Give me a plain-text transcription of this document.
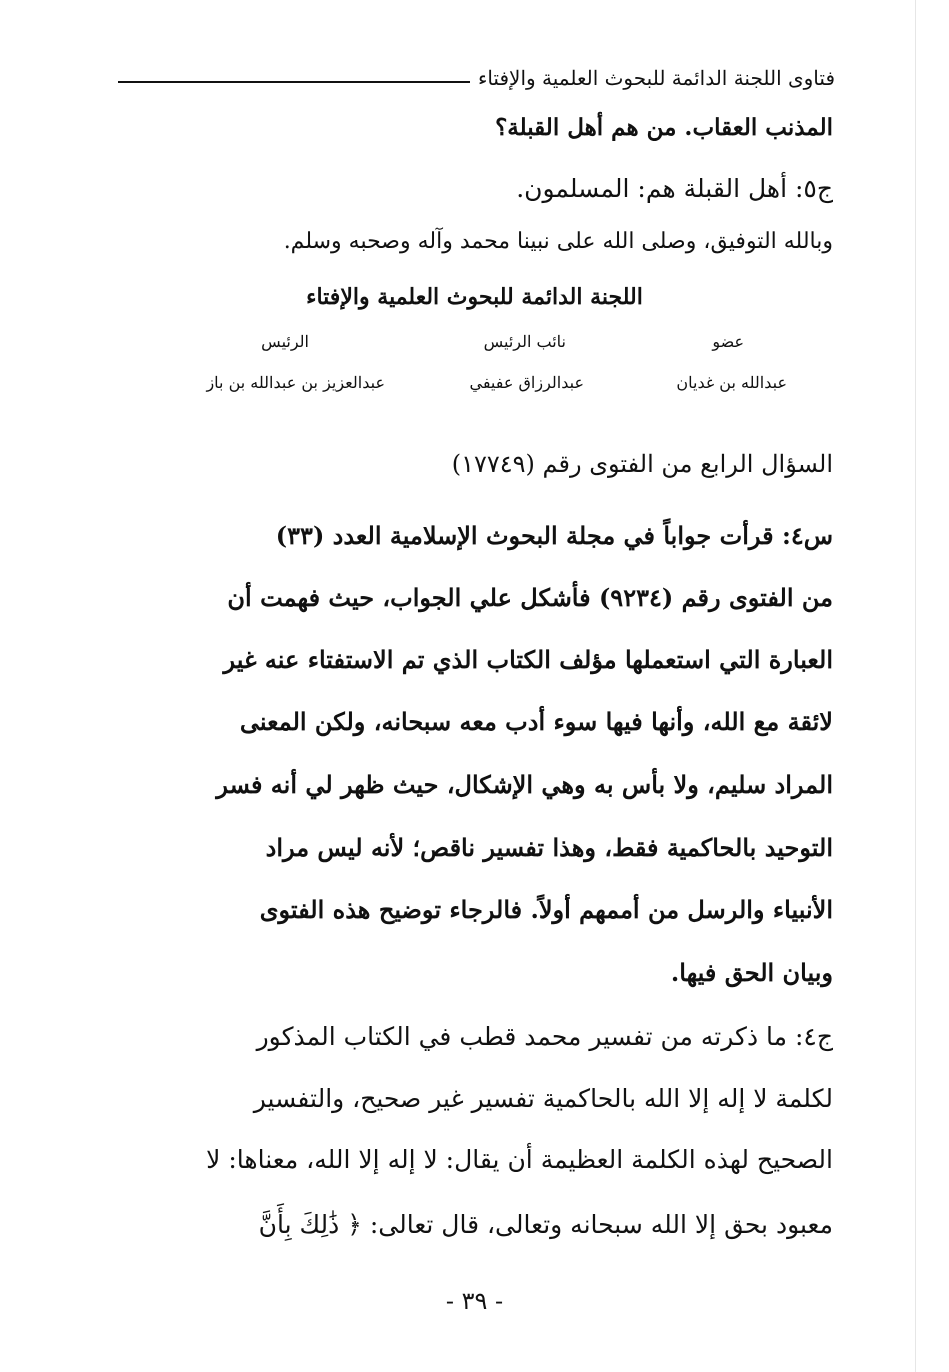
فتاوى اللجنة الدائمة للبحوث العلمية والإفتاء
المذنب العقاب. من هم أهل القبلة؟
ج٥: أهل القبلة هم: المسلمون.
وبالله التوفيق، وصلى الله على نبينا محمد وآله وصحبه وسلم.
اللجنة الدائمة للبحوث العلمية والإفتاء
عضو
نائب الرئيس
الرئيس
عبدالله بن غديان
عبدالرزاق عفيفي
عبدالعزيز بن عبدالله بن باز
السؤال الرابع من الفتوى رقم (١٧٧٤٩)
س٤: قرأت جواباً في مجلة البحوث الإسلامية العدد (٣٣)
من الفتوى رقم (٩٢٣٤) فأشكل علي الجواب، حيث فهمت أن
العبارة التي استعملها مؤلف الكتاب الذي تم الاستفتاء عنه غير
لائقة مع الله، وأنها فيها سوء أدب معه سبحانه، ولكن المعنى
المراد سليم، ولا بأس به وهي الإشكال، حيث ظهر لي أنه فسر
التوحيد بالحاكمية فقط، وهذا تفسير ناقص؛ لأنه ليس مراد
الأنبياء والرسل من أممهم أولاً. فالرجاء توضيح هذه الفتوى
وبيان الحق فيها.
ج٤: ما ذكرته من تفسير محمد قطب في الكتاب المذكور
لكلمة لا إله إلا الله بالحاكمية تفسير غير صحيح، والتفسير
الصحيح لهذه الكلمة العظيمة أن يقال: لا إله إلا الله، معناها: لا
معبود بحق إلا الله سبحانه وتعالى، قال تعالى: ﴿ ذَٰلِكَ بِأَنَّ
- ٣٩ -
